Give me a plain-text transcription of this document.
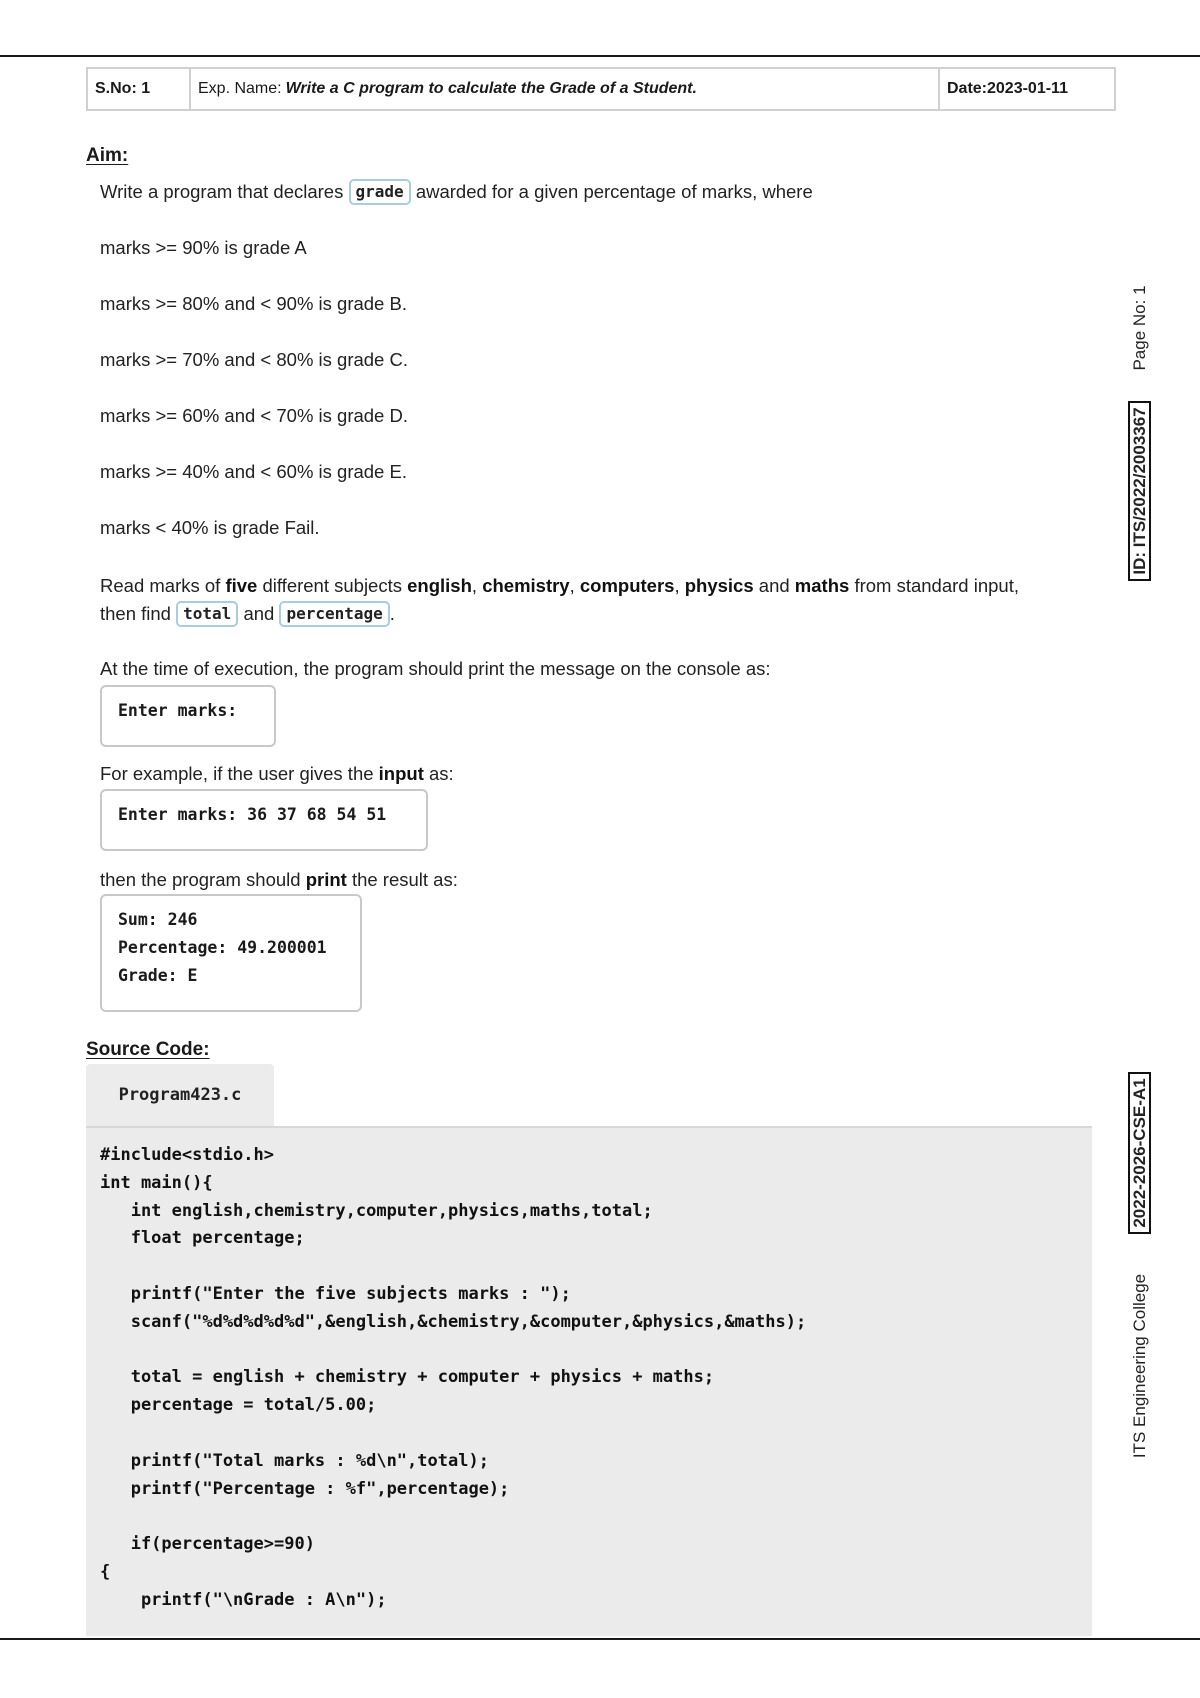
S.No: 1	Exp. Name: Write a C program to calculate the Grade of a Student.	Date:2023-01-11
Aim:
Write a program that declares grade awarded for a given percentage of marks, where
marks >= 90% is grade A
marks >= 80% and < 90% is grade B.
marks >= 70% and < 80% is grade C.
marks >= 60% and < 70% is grade D.
marks >= 40% and < 60% is grade E.
marks < 40% is grade Fail.
Read marks of five different subjects english, chemistry, computers, physics and maths from standard input,
then find total and percentage .
At the time of execution, the program should print the message on the console as:
Enter marks:
For example, if the user gives the input as:
Enter marks: 36 37 68 54 51
then the program should print the result as:
Sum: 246
Percentage: 49.200001
Grade: E
Source Code:
Program423.c
#include<stdio.h>
int main(){
int english,chemistry,computer,physics,maths,total;
float percentage;

printf("Enter the five subjects marks : ");
scanf("%d%d%d%d%d",&english,&chemistry,&computer,&physics,&maths);

total = english + chemistry + computer + physics + maths;
percentage = total/5.00;

printf("Total marks : %d\n",total);
printf("Percentage : %f",percentage);

if(percentage>=90)
{
printf("\nGrade : A\n");
Page No: 1
ID: ITS/2022/2003367
2022-2026-CSE-A1
ITS Engineering College
